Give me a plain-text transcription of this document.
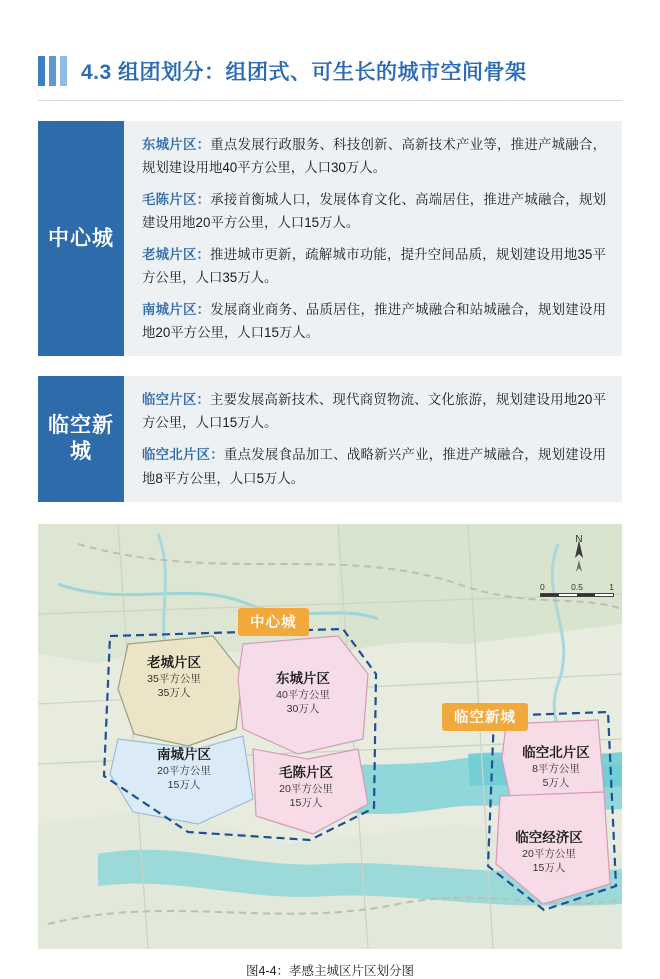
4.3 组团划分：组团式、可生长的城市空间骨架
中心城
东城片区：重点发展行政服务、科技创新、高新技术产业等，推进产城融合，规划建设用地40平方公里，人口30万人。
毛陈片区：承接首衡城人口，发展体育文化、高端居住，推进产城融合，规划建设用地20平方公里，人口15万人。
老城片区：推进城市更新，疏解城市功能，提升空间品质，规划建设用地35平方公里，人口35万人。
南城片区：发展商业商务、品质居住，推进产城融合和站城融合，规划建设用地20平方公里，人口15万人。
临空新城
临空片区：主要发展高新技术、现代商贸物流、文化旅游，规划建设用地20平方公里，人口15万人。
临空北片区：重点发展食品加工、战略新兴产业，推进产城融合，规划建设用地8平方公里，人口5万人。
中心城
临空新城
老城片区
35平方公里
35万人
东城片区
40平方公里
30万人
南城片区
20平方公里
15万人
毛陈片区
20平方公里
15万人
临空北片区
8平方公里
5万人
临空经济区
20平方公里
15万人
N
0	0.5	1
图4-4：孝感主城区片区划分图
